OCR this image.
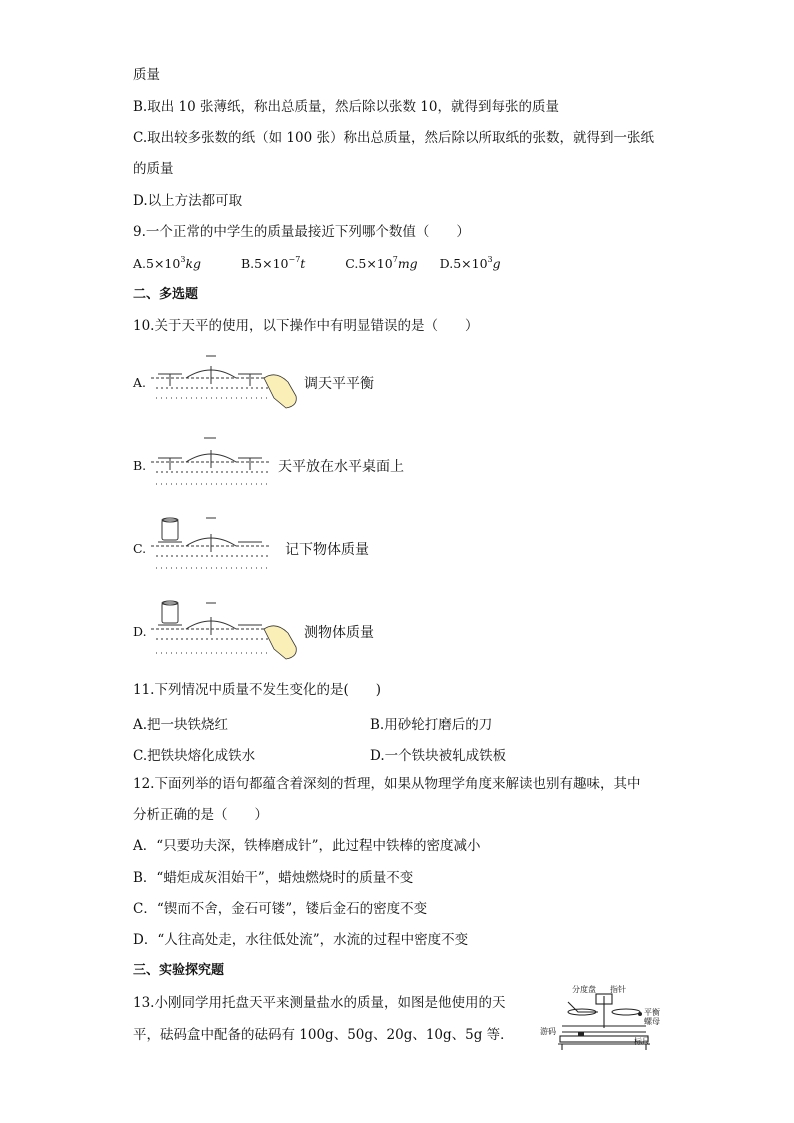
质量
B.取出 10 张薄纸，称出总质量，然后除以张数 10，就得到每张的质量
C.取出较多张数的纸（如 100 张）称出总质量，然后除以所取纸的张数，就得到一张纸
的质量
D.以上方法都可取
9.一个正常的中学生的质量最接近下列哪个数值（　　）
$A.5\times 10^3kg$	$B.5\times 10^{-7}t$	$C.5\times 10^7mg$ $D.5\times 10^3g$
二、多选题
10.关于天平的使用，以下操作中有明显错误的是（　　）
A.	调天平平衡
B.	天平放在水平桌面上
C.	记下物体质量
D.	测物体质量
11.下列情况中质量不发生变化的是(　　)
A.把一块铁烧红	B.用砂轮打磨后的刀
C.把铁块熔化成铁水	D.一个铁块被轧成铁板
12.下面列举的语句都蕴含着深刻的哲理，如果从物理学角度来解读也别有趣味，其中
分析正确的是（　　）
A．“只要功夫深，铁棒磨成针”，此过程中铁棒的密度减小
B．“蜡炬成灰泪始干”，蜡烛燃烧时的质量不变
C．“锲而不舍，金石可镂”，镂后金石的密度不变
D．“人往高处走，水往低处流”，水流的过程中密度不变
三、实验探究题
13.小刚同学用托盘天平来测量盐水的质量，如图是他使用的天
平，砝码盒中配备的砝码有 100g、50g、20g、10g、5g 等．
分度盘 指针
平衡螺母
游码
标尺
